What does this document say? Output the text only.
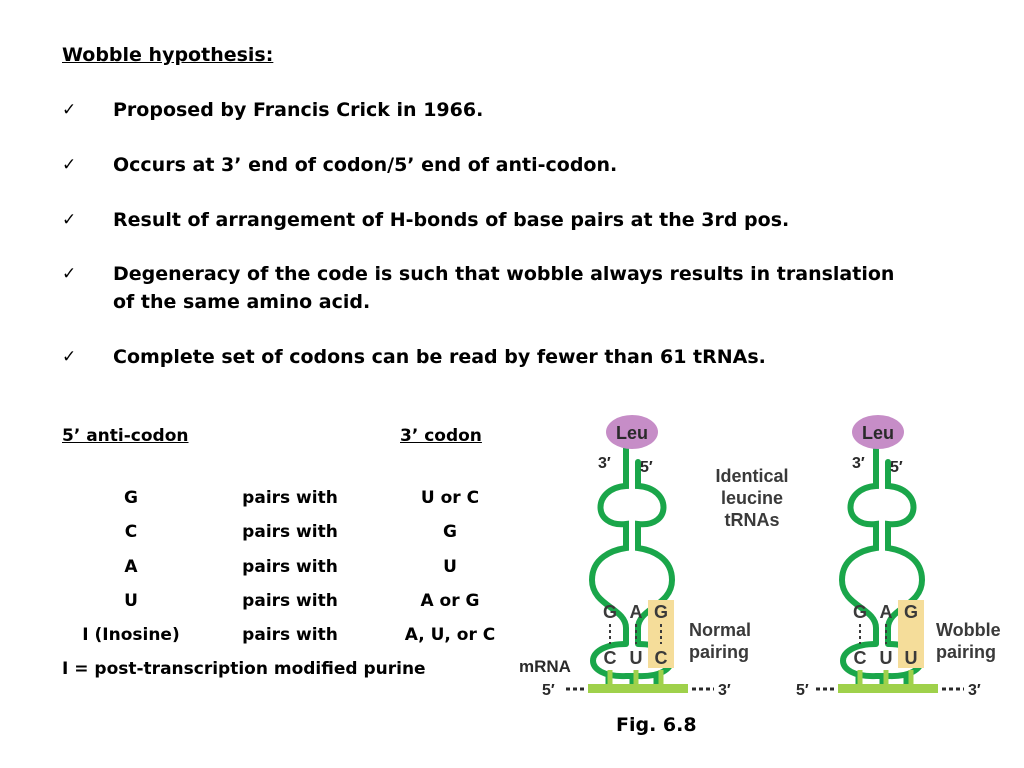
Wobble hypothesis:
✓ Proposed by Francis Crick in 1966.
✓ Occurs at 3’ end of codon/5’ end of anti-codon.
✓ Result of arrangement of H-bonds of base pairs at the 3rd pos.
✓ Degeneracy of the code is such that wobble always results in translation of the same amino acid.
✓ Complete set of codons can be read by fewer than 61 tRNAs.
5’ anti-codon	3’ codon
G	pairs with	U or C
C	pairs with	G
A	pairs with	U
U	pairs with	A or G
I (Inosine)	pairs with	A, U, or C
I = post-transcription modified purine
Leu
3′ 5′
G A G
C U C
5′	3′
mRNA
Normal
pairing
Identical
leucine
tRNAs
Leu
3′ 5′
G A G
C U U
5′	3′
Wobble
pairing
Fig. 6.8
